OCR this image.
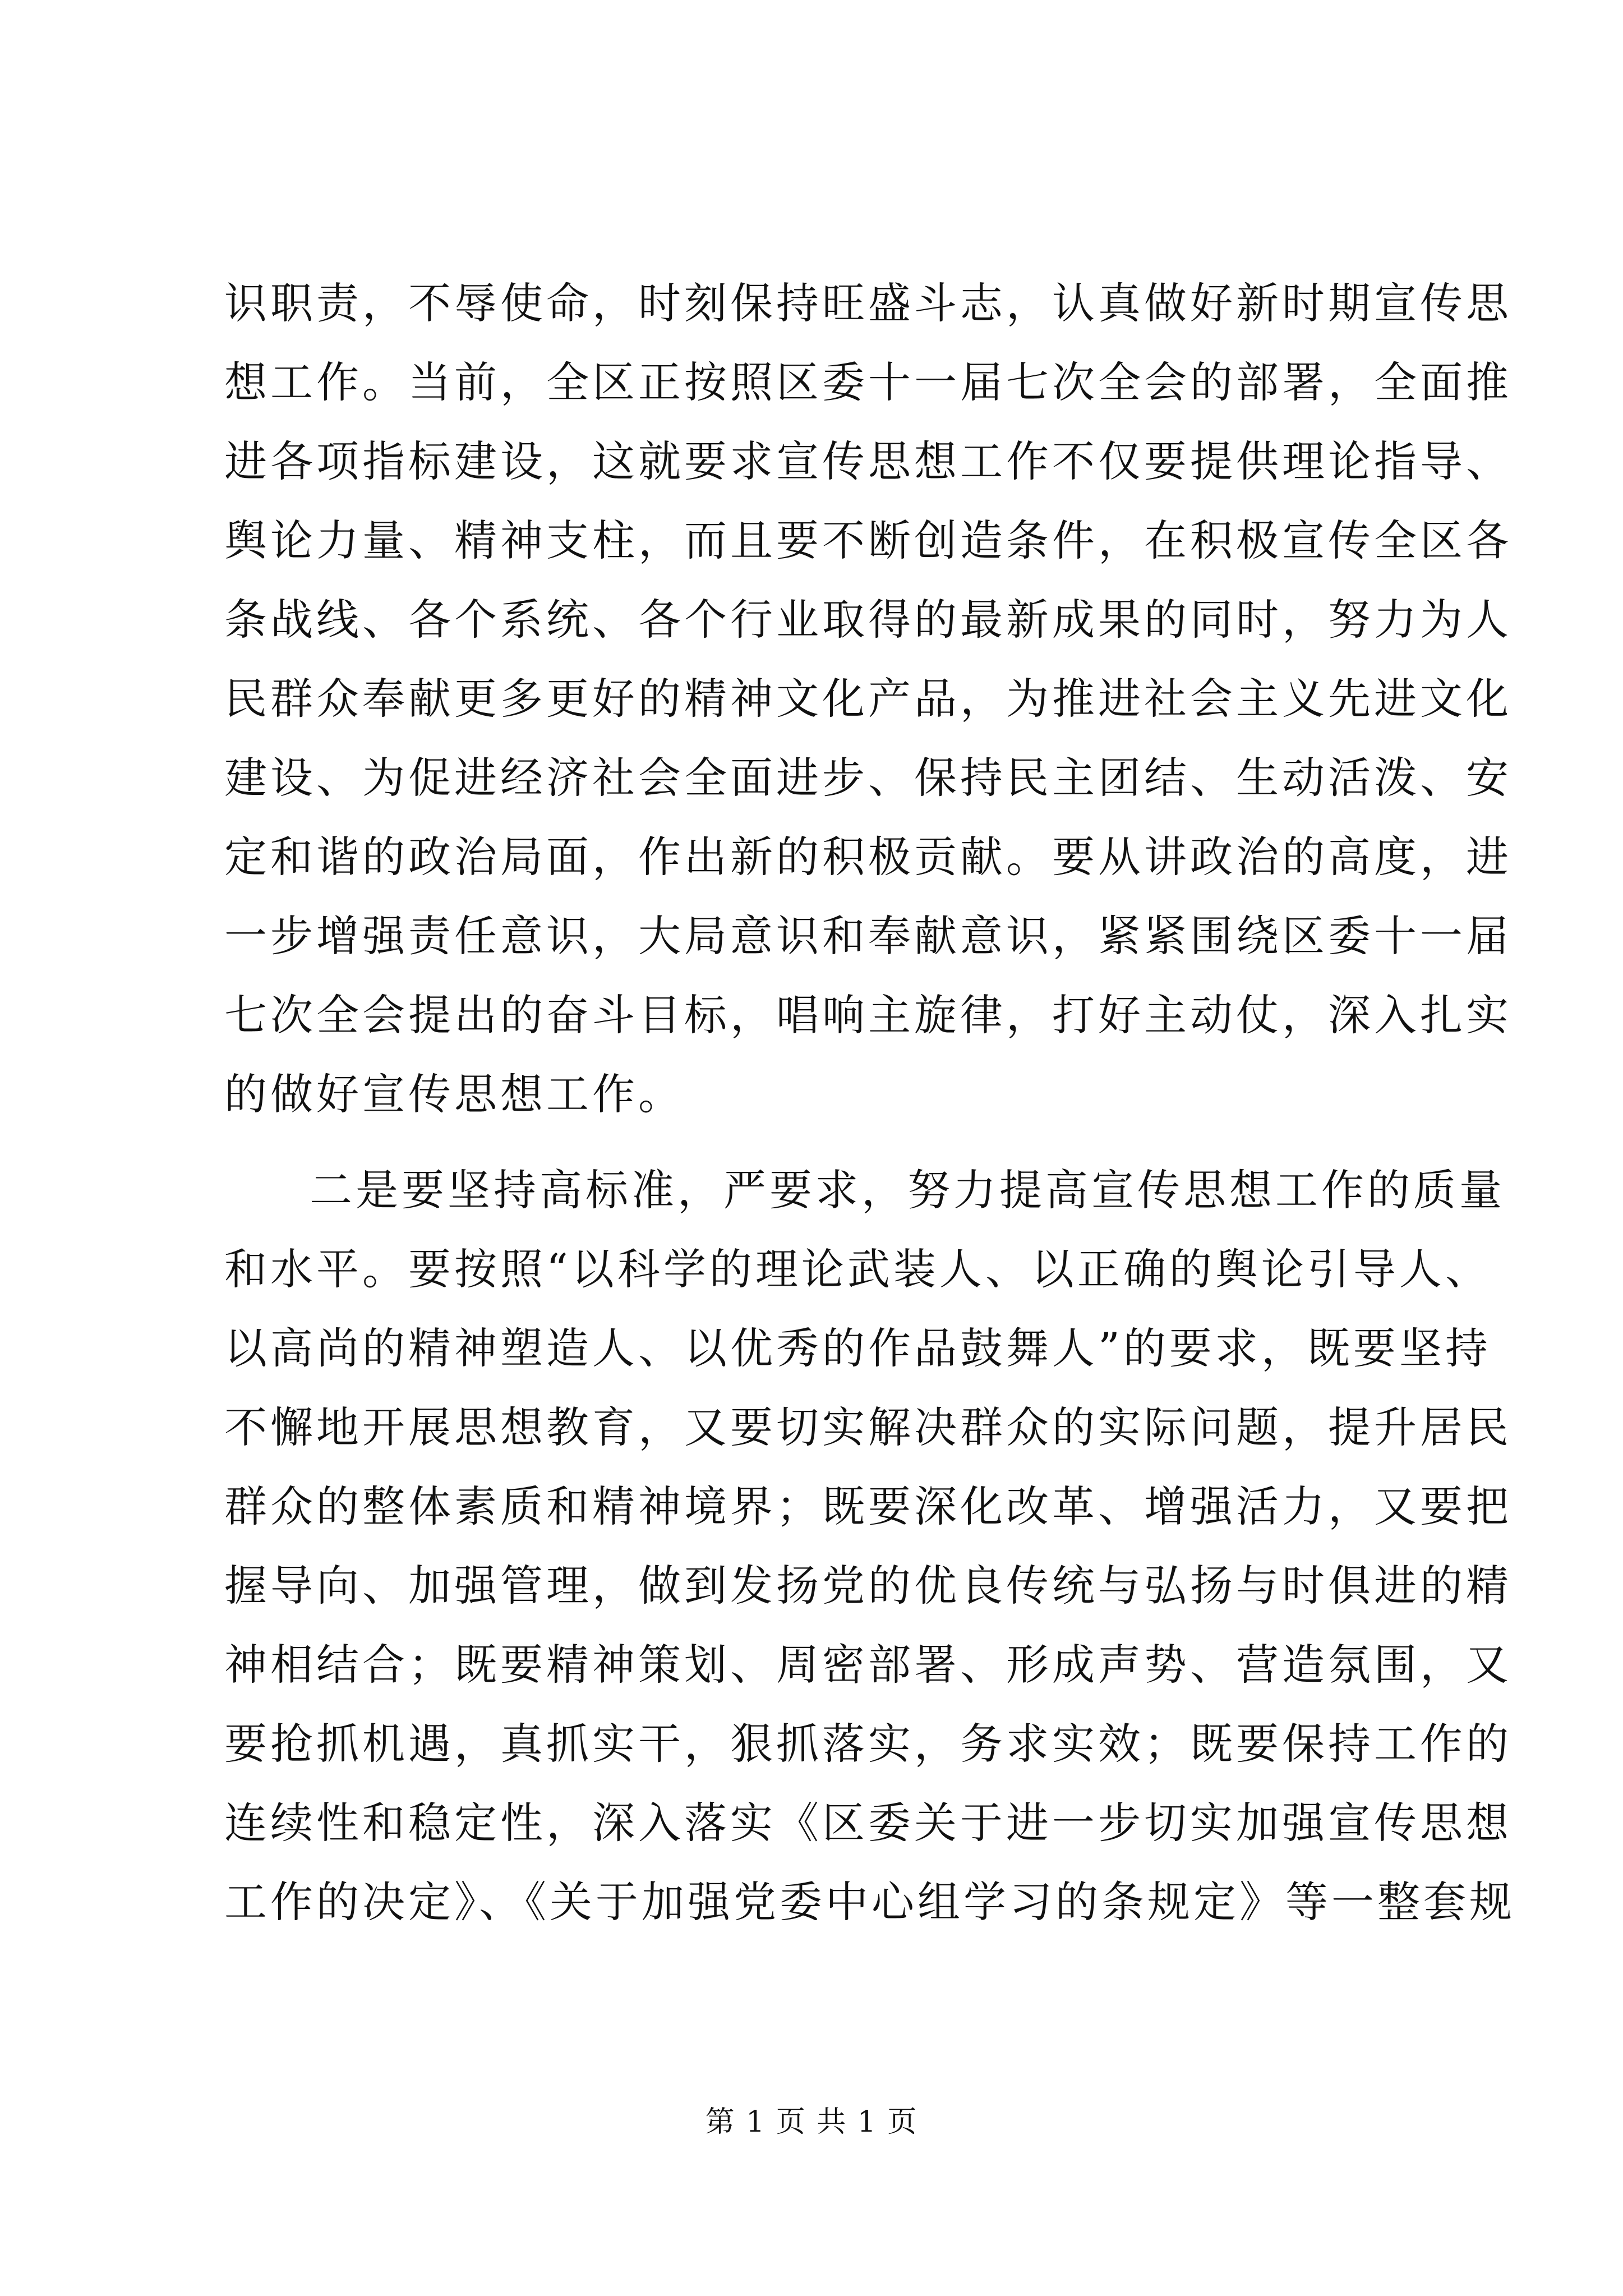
识职责，不辱使命，时刻保持旺盛斗志，认真做好新时期宣传思
想工作。当前，全区正按照区委十一届七次全会的部署，全面推
进各项指标建设，这就要求宣传思想工作不仅要提供理论指导、
舆论力量、精神支柱，而且要不断创造条件，在积极宣传全区各
条战线、各个系统、各个行业取得的最新成果的同时，努力为人
民群众奉献更多更好的精神文化产品，为推进社会主义先进文化
建设、为促进经济社会全面进步、保持民主团结、生动活泼、安
定和谐的政治局面，作出新的积极贡献。要从讲政治的高度，进
一步增强责任意识，大局意识和奉献意识，紧紧围绕区委十一届
七次全会提出的奋斗目标，唱响主旋律，打好主动仗，深入扎实
的做好宣传思想工作。
二是要坚持高标准，严要求，努力提高宣传思想工作的质量
和水平。要按照“以科学的理论武装人、以正确的舆论引导人、
以高尚的精神塑造人、以优秀的作品鼓舞人”的要求，既要坚持
不懈地开展思想教育，又要切实解决群众的实际问题，提升居民
群众的整体素质和精神境界；既要深化改革、增强活力，又要把
握导向、加强管理，做到发扬党的优良传统与弘扬与时俱进的精
神相结合；既要精神策划、周密部署、形成声势、营造氛围，又
要抢抓机遇，真抓实干，狠抓落实，务求实效；既要保持工作的
连续性和稳定性，深入落实《区委关于进一步切实加强宣传思想
工作的决定》、《关于加强党委中心组学习的条规定》等一整套规
第 1 页 共 1 页
